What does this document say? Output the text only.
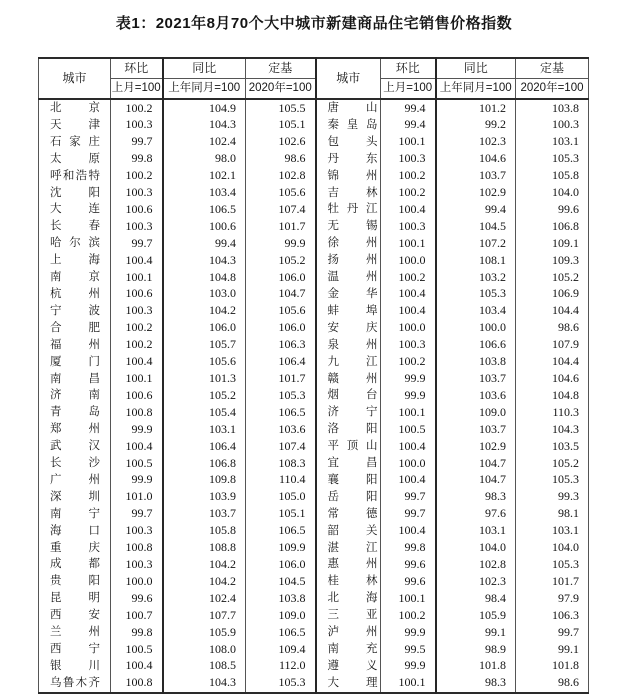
表1：2021年8月70个大中城市新建商品住宅销售价格指数
城市	环比	同比	定基	城市	环比	同比	定基
	上月=100	上年同月=100	2020年=100		上月=100	上年同月=100	2020年=100
北京	100.2	104.9	105.5	唐山	99.4	101.2	103.8
天津	100.3	104.3	105.1	秦皇岛	99.4	99.2	100.3
石家庄	99.7	102.4	102.6	包头	100.1	102.3	103.1
太原	99.8	98.0	98.6	丹东	100.3	104.6	105.3
呼和浩特	100.2	102.1	102.8	锦州	100.2	103.7	105.8
沈阳	100.3	103.4	105.6	吉林	100.2	102.9	104.0
大连	100.6	106.5	107.4	牡丹江	100.4	99.4	99.6
长春	100.3	100.6	101.7	无锡	100.3	104.5	106.8
哈尔滨	99.7	99.4	99.9	徐州	100.1	107.2	109.1
上海	100.4	104.3	105.2	扬州	100.0	108.1	109.3
南京	100.1	104.8	106.0	温州	100.2	103.2	105.2
杭州	100.6	103.0	104.7	金华	100.4	105.3	106.9
宁波	100.3	104.2	105.6	蚌埠	100.4	103.4	104.4
合肥	100.2	106.0	106.0	安庆	100.0	100.0	98.6
福州	100.2	105.7	106.3	泉州	100.3	106.6	107.9
厦门	100.4	105.6	106.4	九江	100.2	103.8	104.4
南昌	100.1	101.3	101.7	赣州	99.9	103.7	104.6
济南	100.6	105.2	105.3	烟台	99.9	103.6	104.8
青岛	100.8	105.4	106.5	济宁	100.1	109.0	110.3
郑州	99.9	103.1	103.6	洛阳	100.5	103.7	104.3
武汉	100.4	106.4	107.4	平顶山	100.4	102.9	103.5
长沙	100.5	106.8	108.3	宜昌	100.0	104.7	105.2
广州	99.9	109.8	110.4	襄阳	100.4	104.7	105.3
深圳	101.0	103.9	105.0	岳阳	99.7	98.3	99.3
南宁	99.7	103.7	105.1	常德	99.7	97.6	98.1
海口	100.3	105.8	106.5	韶关	100.4	103.1	103.1
重庆	100.8	108.8	109.9	湛江	99.8	104.0	104.0
成都	100.3	104.2	106.0	惠州	99.6	102.8	105.3
贵阳	100.0	104.2	104.5	桂林	99.6	102.3	101.7
昆明	99.6	102.4	103.8	北海	100.1	98.4	97.9
西安	100.7	107.7	109.0	三亚	100.2	105.9	106.3
兰州	99.8	105.9	106.5	泸州	99.9	99.1	99.7
西宁	100.5	108.0	109.4	南充	99.5	98.9	99.1
银川	100.4	108.5	112.0	遵义	99.9	101.8	101.8
乌鲁木齐	100.8	104.3	105.3	大理	100.1	98.3	98.6
